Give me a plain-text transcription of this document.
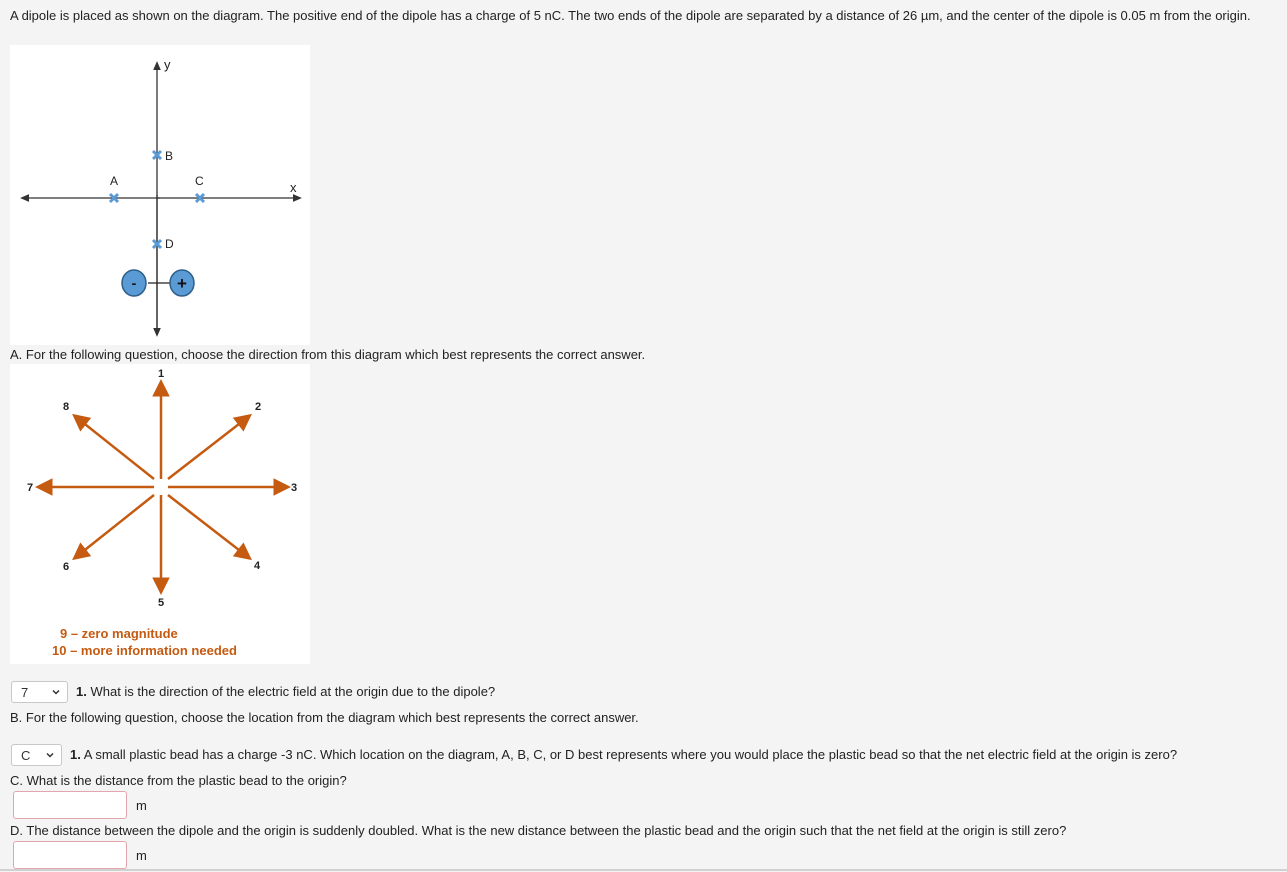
A dipole is placed as shown on the diagram. The positive end of the dipole has a charge of 5 nC. The two ends of the dipole are separated by a distance of 26 µm, and the center of the dipole is 0.05 m from the origin.
y
x
A
B
C
D
- +
A. For the following question, choose the direction from this diagram which best represents the correct answer.
1
2
3
4
5
6
7
8
9 – zero magnitude
10 – more information needed
7	1. What is the direction of the electric field at the origin due to the dipole?
B. For the following question, choose the location from the diagram which best represents the correct answer.
C	1. A small plastic bead has a charge -3 nC. Which location on the diagram, A, B, C, or D best represents where you would place the plastic bead so that the net electric field at the origin is zero?
C. What is the distance from the plastic bead to the origin?
m
D. The distance between the dipole and the origin is suddenly doubled. What is the new distance between the plastic bead and the origin such that the net field at the origin is still zero?
m
